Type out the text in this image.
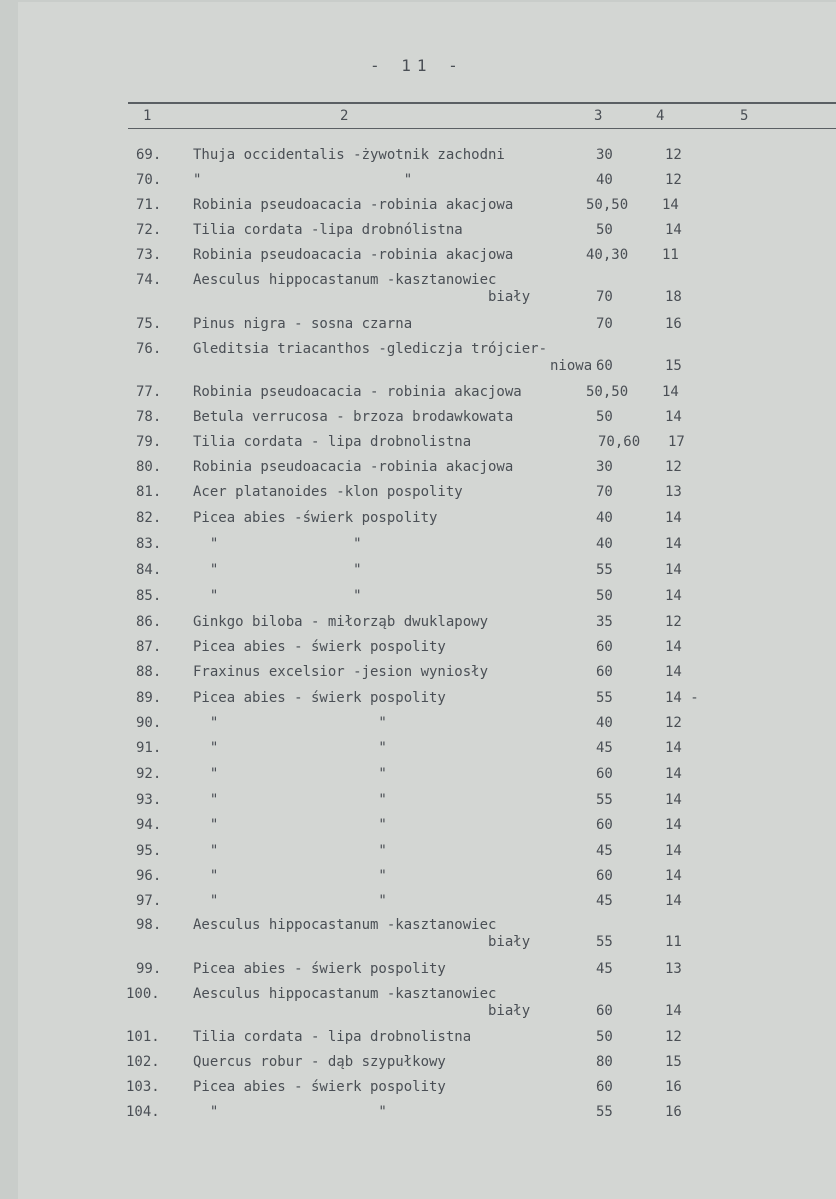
- 11 -
1	2	3	4	5
69. Thuja occidentalis -żywotnik zachodni	30	12
70. "                        "	40	12
71. Robinia pseudoacacia -robinia akacjowa	50,50 14
72. Tilia cordata -lipa drobnólistna	50	14
73. Robinia pseudoacacia -robinia akacjowa	40,30 11
74. Aesculus hippocastanum -kasztanowiec
biały	70	18
75. Pinus nigra - sosna czarna	70	16
76. Gleditsia triacanthos -glediczja trójcier-
niowa 60	15
77. Robinia pseudoacacia - robinia akacjowa	50,50 14
78. Betula verrucosa - brzoza brodawkowata	50	14
79. Tilia cordata - lipa drobnolistna	70,60 17
80. Robinia pseudoacacia -robinia akacjowa	30	12
81. Acer platanoides -klon pospolity	70	13
82. Picea abies -świerk pospolity	40	14
83. "                "	40	14
84. "                "	55	14
85. "                "	50	14
86. Ginkgo biloba - miłorząb dwuklapowy	35	12
87. Picea abies - świerk pospolity	60	14
88. Fraxinus excelsior -jesion wyniosły	60	14
89. Picea abies - świerk pospolity	55	14 -
90. "                   "	40	12
91. "                   "	45	14
92. "                   "	60	14
93. "                   "	55	14
94. "                   "	60	14
95. "                   "	45	14
96. "                   "	60	14
97. "                   "	45	14
98. Aesculus hippocastanum -kasztanowiec
biały	55	11
99. Picea abies - świerk pospolity	45	13
100. Aesculus hippocastanum -kasztanowiec
biały	60	14
101. Tilia cordata - lipa drobnolistna	50	12
102. Quercus robur - dąb szypułkowy	80	15
103. Picea abies - świerk pospolity	60	16
104. "                   "	55	16
